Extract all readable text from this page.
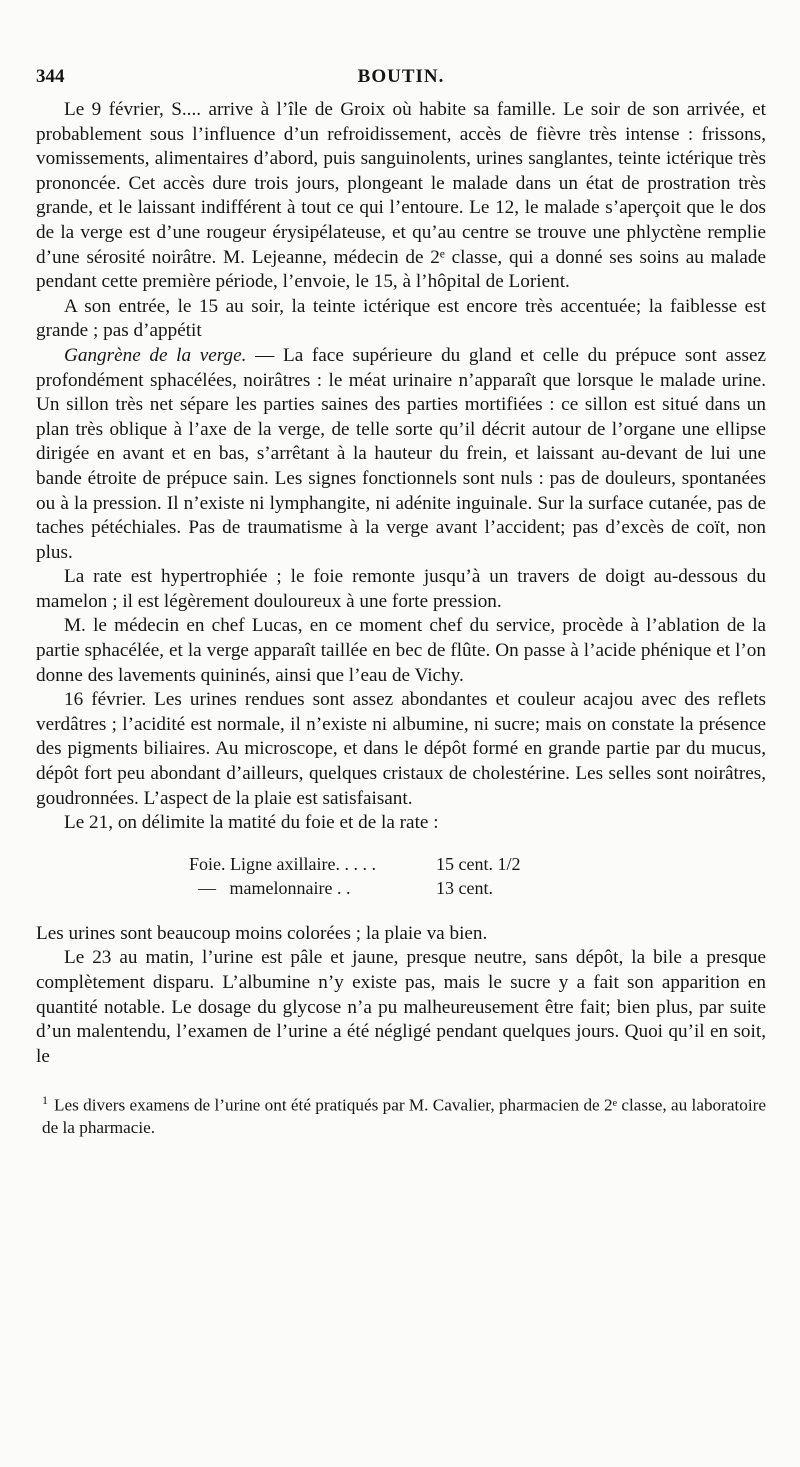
344	BOUTIN.

Le 9 février, S.... arrive à l’île de Groix où habite sa famille. Le soir de son arrivée, et probablement sous l’influence d’un refroidissement, accès de fièvre très intense : frissons, vomissements, alimentaires d’abord, puis sanguinolents, urines sanglantes, teinte ictérique très prononcée. Cet accès dure trois jours, plongeant le malade dans un état de prostration très grande, et le laissant indifférent à tout ce qui l’entoure. Le 12, le malade s’aperçoit que le dos de la verge est d’une rougeur érysipélateuse, et qu’au centre se trouve une phlyctène remplie d’une sérosité noirâtre. M. Lejeanne, médecin de 2ᵉ classe, qui a donné ses soins au malade pendant cette première période, l’envoie, le 15, à l’hôpital de Lorient.

A son entrée, le 15 au soir, la teinte ictérique est encore très accentuée; la faiblesse est grande ; pas d’appétit

Gangrène de la verge. — La face supérieure du gland et celle du prépuce sont assez profondément sphacélées, noirâtres : le méat urinaire n’apparaît que lorsque le malade urine. Un sillon très net sépare les parties saines des parties mortifiées : ce sillon est situé dans un plan très oblique à l’axe de la verge, de telle sorte qu’il décrit autour de l’organe une ellipse dirigée en avant et en bas, s’arrêtant à la hauteur du frein, et laissant au-devant de lui une bande étroite de prépuce sain. Les signes fonctionnels sont nuls : pas de douleurs, spontanées ou à la pression. Il n’existe ni lymphangite, ni adénite inguinale. Sur la surface cutanée, pas de taches pétéchiales. Pas de traumatisme à la verge avant l’accident; pas d’excès de coït, non plus.

La rate est hypertrophiée ; le foie remonte jusqu’à un travers de doigt au-dessous du mamelon ; il est légèrement douloureux à une forte pression.

M. le médecin en chef Lucas, en ce moment chef du service, procède à l’ablation de la partie sphacélée, et la verge apparaît taillée en bec de flûte. On passe à l’acide phénique et l’on donne des lavements quininés, ainsi que l’eau de Vichy.

16 février. Les urines rendues sont assez abondantes et couleur acajou avec des reflets verdâtres ; l’acidité est normale, il n’existe ni albumine, ni sucre; mais on constate la présence des pigments biliaires. Au microscope, et dans le dépôt formé en grande partie par du mucus, dépôt fort peu abondant d’ailleurs, quelques cristaux de cholestérine. Les selles sont noirâtres, goudronnées. L’aspect de la plaie est satisfaisant.

Le 21, on délimite la matité du foie et de la rate :

Foie. Ligne axillaire. . . . .	15 cent. 1/2
—   mamelonnaire . .	13 cent.

Les urines sont beaucoup moins colorées ; la plaie va bien.

Le 23 au matin, l’urine est pâle et jaune, presque neutre, sans dépôt, la bile a presque complètement disparu. L’albumine n’y existe pas, mais le sucre y a fait son apparition en quantité notable. Le dosage du glycose n’a pu malheureusement être fait; bien plus, par suite d’un malentendu, l’examen de l’urine a été négligé pendant quelques jours. Quoi qu’il en soit, le

$^1$ Les divers examens de l’urine ont été pratiqués par M. Cavalier, pharmacien de 2ᵉ classe, au laboratoire de la pharmacie.
